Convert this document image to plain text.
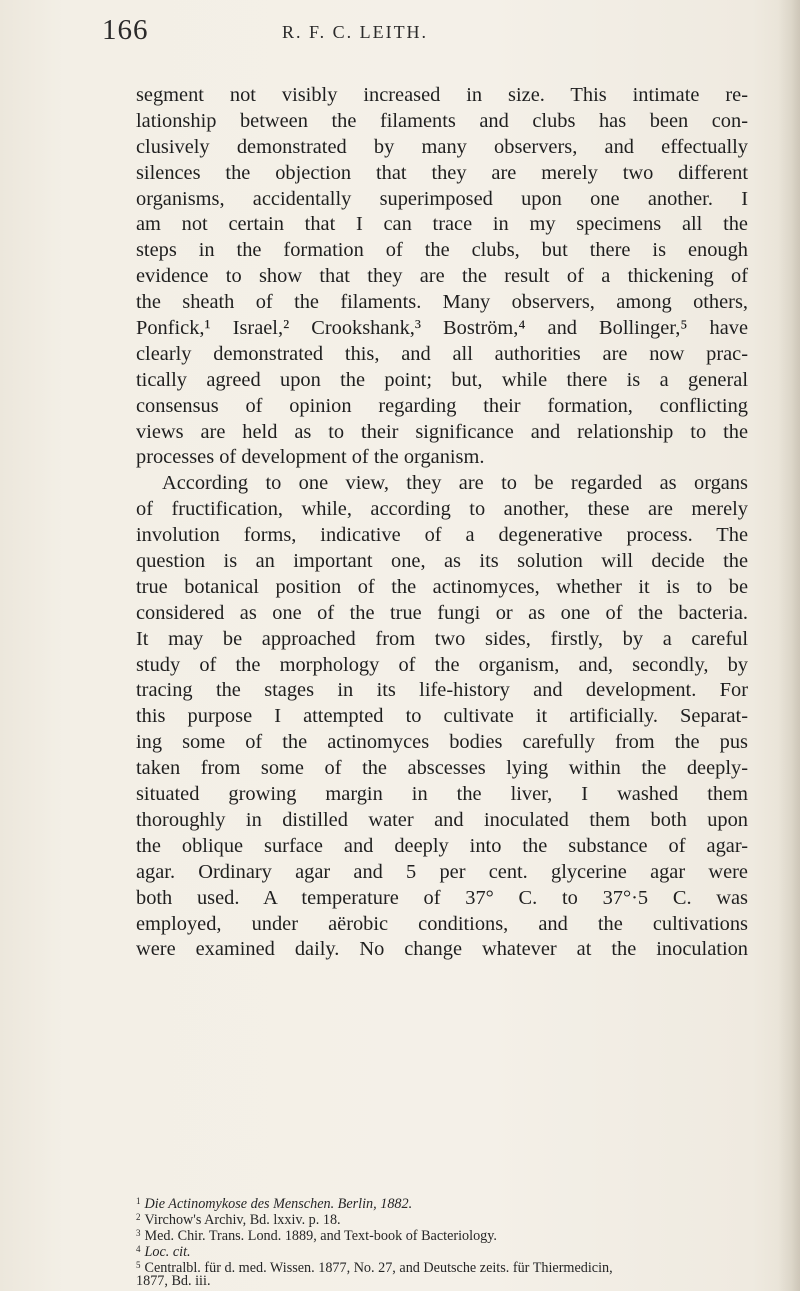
166	R. F. C. LEITH.
segment not visibly increased in size. This intimate re-
lationship between the filaments and clubs has been con-
clusively demonstrated by many observers, and effectually
silences the objection that they are merely two different
organisms, accidentally superimposed upon one another. I
am not certain that I can trace in my specimens all the
steps in the formation of the clubs, but there is enough
evidence to show that they are the result of a thickening of
the sheath of the filaments. Many observers, among others,
Ponfick,¹ Israel,² Crookshank,³ Boström,⁴ and Bollinger,⁵ have
clearly demonstrated this, and all authorities are now prac-
tically agreed upon the point; but, while there is a general
consensus of opinion regarding their formation, conflicting
views are held as to their significance and relationship to the
processes of development of the organism.
According to one view, they are to be regarded as organs
of fructification, while, according to another, these are merely
involution forms, indicative of a degenerative process. The
question is an important one, as its solution will decide the
true botanical position of the actinomyces, whether it is to be
considered as one of the true fungi or as one of the bacteria.
It may be approached from two sides, firstly, by a careful
study of the morphology of the organism, and, secondly, by
tracing the stages in its life-history and development. For
this purpose I attempted to cultivate it artificially. Separat-
ing some of the actinomyces bodies carefully from the pus
taken from some of the abscesses lying within the deeply-
situated growing margin in the liver, I washed them
thoroughly in distilled water and inoculated them both upon
the oblique surface and deeply into the substance of agar-
agar. Ordinary agar and 5 per cent. glycerine agar were
both used. A temperature of 37° C. to 37°·5 C. was
employed, under aërobic conditions, and the cultivations
were examined daily. No change whatever at the inoculation
$^1$ Die Actinomykose des Menschen. Berlin, 1882.
$^2$ Virchow's Archiv, Bd. lxxiv. p. 18.
$^3$ Med. Chir. Trans. Lond. 1889, and Text-book of Bacteriology.
$^4$ Loc. cit.
$^5$ Centralbl. für d. med. Wissen. 1877, No. 27, and Deutsche zeits. für Thiermedicin,
1877, Bd. iii.
